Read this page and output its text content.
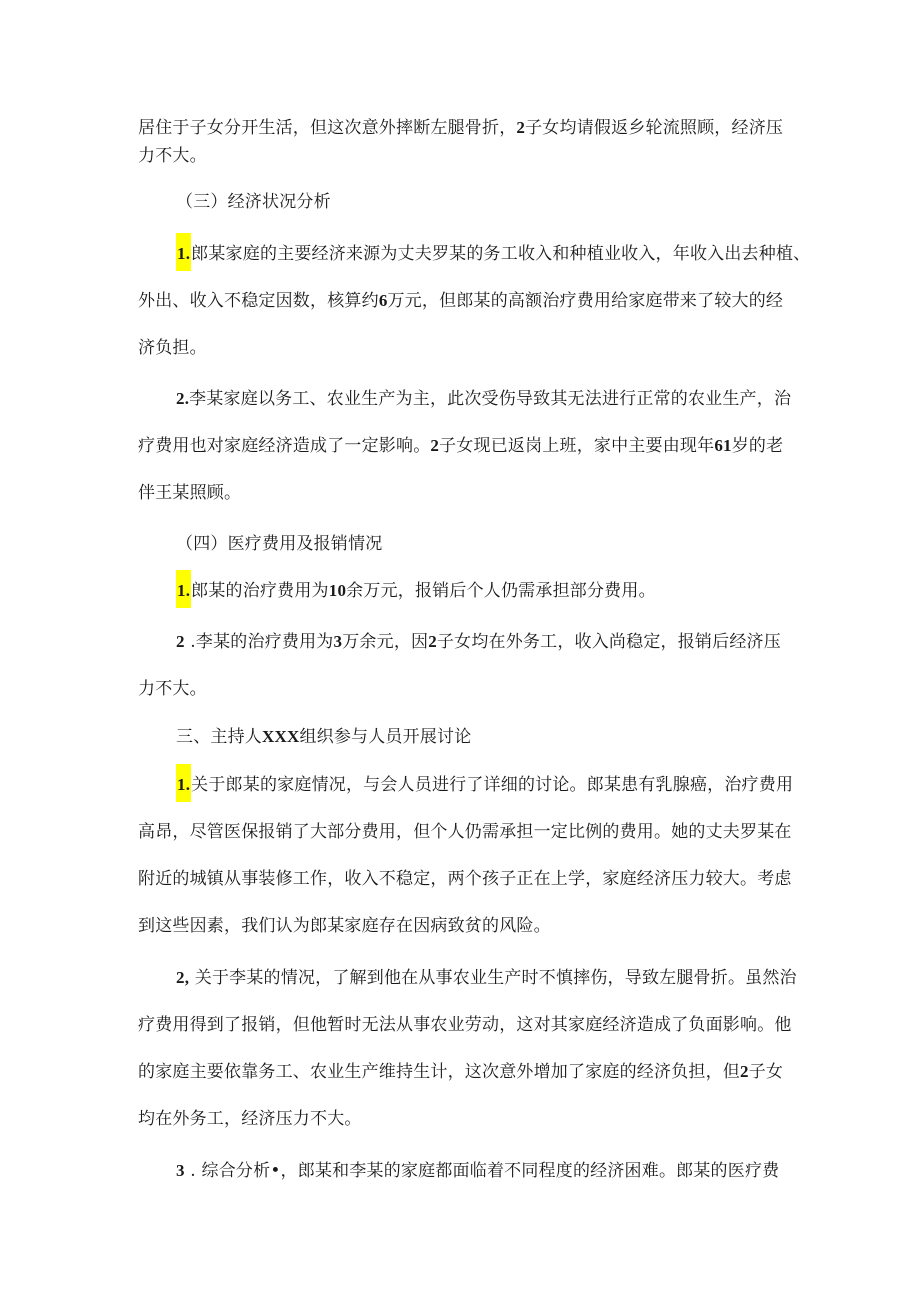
居住于子女分开生活，但这次意外摔断左腿骨折，2子女均请假返乡轮流照顾，经济压
力不大。
（三）经济状况分析
1.郎某家庭的主要经济来源为丈夫罗某的务工收入和种植业收入，年收入出去种植、
外出、收入不稳定因数，核算约6万元，但郎某的高额治疗费用给家庭带来了较大的经
济负担。
2.李某家庭以务工、农业生产为主，此次受伤导致其无法进行正常的农业生产，治
疗费用也对家庭经济造成了一定影响。2子女现已返岗上班，家中主要由现年61岁的老
伴王某照顾。
（四）医疗费用及报销情况
1.郎某的治疗费用为10余万元，报销后个人仍需承担部分费用。
2 .李某的治疗费用为3万余元，因2子女均在外务工，收入尚稳定，报销后经济压
力不大。
三、主持人XXX组织参与人员开展讨论
1.关于郎某的家庭情况，与会人员进行了详细的讨论。郎某患有乳腺癌，治疗费用
高昂，尽管医保报销了大部分费用，但个人仍需承担一定比例的费用。她的丈夫罗某在
附近的城镇从事装修工作，收入不稳定，两个孩子正在上学，家庭经济压力较大。考虑
到这些因素，我们认为郎某家庭存在因病致贫的风险。
2, 关于李某的情况，了解到他在从事农业生产时不慎摔伤，导致左腿骨折。虽然治
疗费用得到了报销，但他暂时无法从事农业劳动，这对其家庭经济造成了负面影响。他
的家庭主要依靠务工、农业生产维持生计，这次意外增加了家庭的经济负担，但2子女
均在外务工，经济压力不大。
3 . 综合分析•，郎某和李某的家庭都面临着不同程度的经济困难。郎某的医疗费
